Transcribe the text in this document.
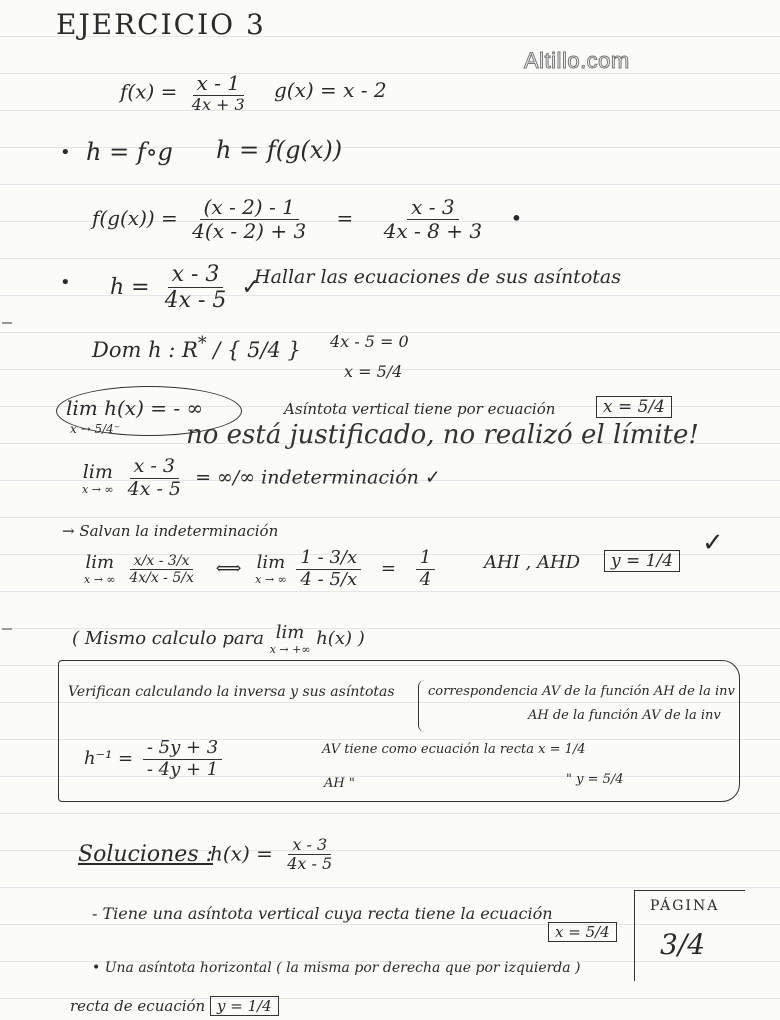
EJERCICIO 3
Altillo.com
$f(x) = \frac{x - 1}{4x + 3} g(x) = x - 2$
• h = f∘g h = f(g(x))
$f(g(x)) = \frac{(x - 2) - 1}{4(x - 2) + 3} = \frac{x - 3}{4x - 8 + 3}$ •
• $h = \frac{x - 3}{4x - 5}$ ✓
Hallar las ecuaciones de sus asíntotas
Dom h : R* / { 5/4 } 4x - 5 = 0
x = 5/4
lim h(x) = - ∞
x → 5/4⁻
Asíntota vertical tiene por ecuación	x = 5/4
no está justificado, no realizó el límite!
lim
x → ∞
$\frac{x - 3}{4x - 5}$ = ∞/∞ indeterminación ✓
→ Salvan la indeterminación
lim
x → ∞
$\frac{x/x - 3/x}{4x/x - 5/x}$ ⟺ lim
x → ∞
$\frac{1 - 3/x}{4 - 5/x} = \frac{1}{4}$	AHI , AHD	y = 1/4
✓
( Mismo calculo para lim
x → +∞
h(x) )
Verifican calculando la inversa y sus asíntotas	correspondencia AV de la función AH de la inv
AH de la función AV de la inv
$h^{-1} = \frac{- 5y + 3}{- 4y + 1}$	AV tiene como ecuación la recta x = 1/4
AH "	" y = 5/4
Soluciones :
$h(x) = \frac{x - 3}{4x - 5}$
- Tiene una asíntota vertical cuya recta tiene la ecuación
x = 5/4
• Una asíntota horizontal ( la misma por derecha que por izquierda )
recta de ecuación y = 1/4
PÁGINA
3/4
